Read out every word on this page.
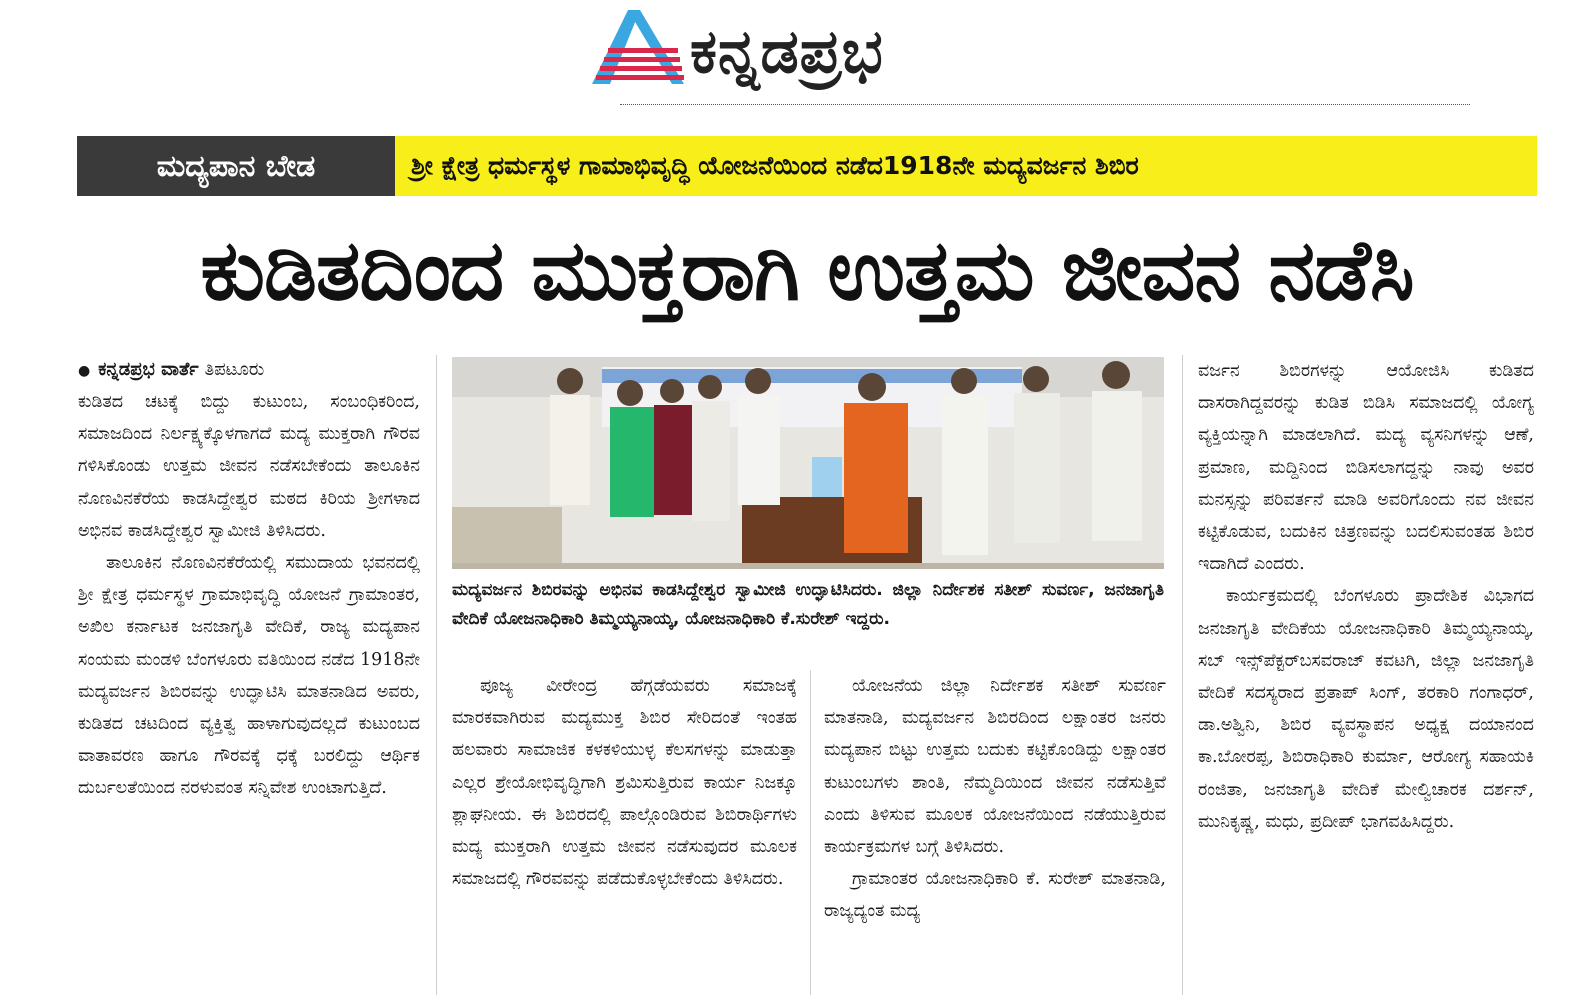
ಕನ್ನಡಪ್ರಭ
ಮದ್ಯಪಾನ ಬೇಡ	ಶ್ರೀ ಕ್ಷೇತ್ರ ಧರ್ಮಸ್ಥಳ ಗಾಮಾಭಿವೃದ್ಧಿ ಯೋಜನೆಯಿಂದ ನಡೆದ1918ನೇ ಮದ್ಯವರ್ಜನ ಶಿಬಿರ
ಕುಡಿತದಿಂದ ಮುಕ್ತರಾಗಿ ಉತ್ತಮ ಜೀವನ ನಡೆಸಿ
● ಕನ್ನಡಪ್ರಭ ವಾರ್ತೆ ತಿಪಟೂರು

ಕುಡಿತದ ಚಟಕ್ಕೆ ಬಿದ್ದು ಕುಟುಂಬ, ಸಂಬಂಧಿಕರಿಂದ, ಸಮಾಜದಿಂದ ನಿರ್ಲಕ್ಷ್ಯಕ್ಕೊಳಗಾಗದೆ ಮದ್ಯ ಮುಕ್ತರಾಗಿ ಗೌರವ ಗಳಿಸಿಕೊಂಡು ಉತ್ತಮ ಜೀವನ ನಡೆಸಬೇಕೆಂದು ತಾಲೂಕಿನ ನೊಣವಿನಕೆರೆಯ ಕಾಡಸಿದ್ದೇಶ್ವರ ಮಠದ ಕಿರಿಯ ಶ್ರೀಗಳಾದ ಅಭಿನವ ಕಾಡಸಿದ್ದೇಶ್ವರ ಸ್ವಾಮೀಜಿ ತಿಳಿಸಿದರು.

ತಾಲೂಕಿನ ನೊಣವಿನಕೆರೆಯಲ್ಲಿ ಸಮುದಾಯ ಭವನದಲ್ಲಿ ಶ್ರೀ ಕ್ಷೇತ್ರ ಧರ್ಮಸ್ಥಳ ಗ್ರಾಮಾಭಿವೃದ್ಧಿ ಯೋಜನೆ ಗ್ರಾಮಾಂತರ, ಅಖಿಲ ಕರ್ನಾಟಕ ಜನಜಾಗೃತಿ ವೇದಿಕೆ, ರಾಜ್ಯ ಮದ್ಯಪಾನ ಸಂಯಮ ಮಂಡಳಿ ಬೆಂಗಳೂರು ವತಿಯಿಂದ ನಡೆದ 1918ನೇ ಮದ್ಯವರ್ಜನ ಶಿಬಿರವನ್ನು ಉದ್ಘಾಟಿಸಿ ಮಾತನಾಡಿದ ಅವರು, ಕುಡಿತದ ಚಟದಿಂದ ವ್ಯಕ್ತಿತ್ವ ಹಾಳಾಗುವುದಲ್ಲದೆ ಕುಟುಂಬದ ವಾತಾವರಣ ಹಾಗೂ ಗೌರವಕ್ಕೆ ಧಕ್ಕೆ ಬರಲಿದ್ದು ಆರ್ಥಿಕ ದುರ್ಬಲತೆಯಿಂದ ನರಳುವಂತ ಸನ್ನಿವೇಶ ಉಂಟಾಗುತ್ತಿದೆ.

ಮದ್ಯವರ್ಜನ ಶಿಬಿರವನ್ನು ಅಭಿನವ ಕಾಡಸಿದ್ದೇಶ್ವರ ಸ್ವಾಮೀಜಿ ಉದ್ಘಾಟಿಸಿದರು. ಜಿಲ್ಲಾ ನಿರ್ದೇಶಕ ಸತೀಶ್ ಸುವರ್ಣ, ಜನಜಾಗೃತಿ ವೇದಿಕೆ ಯೋಜನಾಧಿಕಾರಿ ತಿಮ್ಮಯ್ಯನಾಯ್ಕ, ಯೋಜನಾಧಿಕಾರಿ ಕೆ.ಸುರೇಶ್ ಇದ್ದರು.

ಪೂಜ್ಯ ವೀರೇಂದ್ರ ಹೆಗ್ಗಡೆಯವರು ಸಮಾಜಕ್ಕೆ ಮಾರಕವಾಗಿರುವ ಮದ್ಯಮುಕ್ತ ಶಿಬಿರ ಸೇರಿದಂತೆ ಇಂತಹ ಹಲವಾರು ಸಾಮಾಜಿಕ ಕಳಕಳಿಯುಳ್ಳ ಕೆಲಸಗಳನ್ನು ಮಾಡುತ್ತಾ ಎಲ್ಲರ ಶ್ರೇಯೋಭಿವೃದ್ಧಿಗಾಗಿ ಶ್ರಮಿಸುತ್ತಿರುವ ಕಾರ್ಯ ನಿಜಕ್ಕೂ ಶ್ಲಾಘನೀಯ. ಈ ಶಿಬಿರದಲ್ಲಿ ಪಾಲ್ಗೊಂಡಿರುವ ಶಿಬಿರಾರ್ಥಿಗಳು ಮದ್ಯ ಮುಕ್ತರಾಗಿ ಉತ್ತಮ ಜೀವನ ನಡೆಸುವುದರ ಮೂಲಕ ಸಮಾಜದಲ್ಲಿ ಗೌರವವನ್ನು ಪಡೆದುಕೊಳ್ಳಬೇಕೆಂದು ತಿಳಿಸಿದರು.

ಯೋಜನೆಯ ಜಿಲ್ಲಾ ನಿರ್ದೇಶಕ ಸತೀಶ್ ಸುವರ್ಣ ಮಾತನಾಡಿ, ಮದ್ಯವರ್ಜನ ಶಿಬಿರದಿಂದ ಲಕ್ಷಾಂತರ ಜನರು ಮದ್ಯಪಾನ ಬಿಟ್ಟು ಉತ್ತಮ ಬದುಕು ಕಟ್ಟಿಕೊಂಡಿದ್ದು ಲಕ್ಷಾಂತರ ಕುಟುಂಬಗಳು ಶಾಂತಿ, ನೆಮ್ಮದಿಯಿಂದ ಜೀವನ ನಡೆಸುತ್ತಿವೆ ಎಂದು ತಿಳಿಸುವ ಮೂಲಕ ಯೋಜನೆಯಿಂದ ನಡೆಯುತ್ತಿರುವ ಕಾರ್ಯಕ್ರಮಗಳ ಬಗ್ಗೆ ತಿಳಿಸಿದರು.

ಗ್ರಾಮಾಂತರ ಯೋಜನಾಧಿಕಾರಿ ಕೆ. ಸುರೇಶ್ ಮಾತನಾಡಿ, ರಾಜ್ಯದ್ಯಂತ ಮದ್ಯ

ವರ್ಜನ ಶಿಬಿರಗಳನ್ನು ಆಯೋಜಿಸಿ ಕುಡಿತದ ದಾಸರಾಗಿದ್ದವರನ್ನು ಕುಡಿತ ಬಿಡಿಸಿ ಸಮಾಜದಲ್ಲಿ ಯೋಗ್ಯ ವ್ಯಕ್ತಿಯನ್ನಾಗಿ ಮಾಡಲಾಗಿದೆ. ಮದ್ಯ ವ್ಯಸನಿಗಳನ್ನು ಆಣೆ, ಪ್ರಮಾಣ, ಮದ್ದಿನಿಂದ ಬಿಡಿಸಲಾಗದ್ದನ್ನು ನಾವು ಅವರ ಮನಸ್ಸನ್ನು ಪರಿವರ್ತನೆ ಮಾಡಿ ಅವರಿಗೊಂದು ನವ ಜೀವನ ಕಟ್ಟಿಕೊಡುವ, ಬದುಕಿನ ಚಿತ್ರಣವನ್ನು ಬದಲಿಸುವಂತಹ ಶಿಬಿರ ಇದಾಗಿದೆ ಎಂದರು.

ಕಾರ್ಯಕ್ರಮದಲ್ಲಿ ಬೆಂಗಳೂರು ಪ್ರಾದೇಶಿಕ ವಿಭಾಗದ ಜನಜಾಗೃತಿ ವೇದಿಕೆಯ ಯೋಜನಾಧಿಕಾರಿ ತಿಮ್ಮಯ್ಯನಾಯ್ಕ, ಸಬ್ ಇನ್ಸ್‌ಪೆಕ್ಟರ್‌ಬಸವರಾಜ್ ಕವಟಗಿ, ಜಿಲ್ಲಾ ಜನಜಾಗೃತಿ ವೇದಿಕೆ ಸದಸ್ಯರಾದ ಪ್ರತಾಪ್ ಸಿಂಗ್, ತರಕಾರಿ ಗಂಗಾಧರ್, ಡಾ.ಅಶ್ವಿನಿ, ಶಿಬಿರ ವ್ಯವಸ್ಥಾಪನ ಅಧ್ಯಕ್ಷ ದಯಾನಂದ ಕಾ.ಬೋರಪ್ಪ, ಶಿಬಿರಾಧಿಕಾರಿ ಕುರ್ಮಾ, ಆರೋಗ್ಯ ಸಹಾಯಕಿ ರಂಜಿತಾ, ಜನಜಾಗೃತಿ ವೇದಿಕೆ ಮೇಲ್ವಿಚಾರಕ ದರ್ಶನ್, ಮುನಿಕೃಷ್ಣ, ಮಧು, ಪ್ರದೀಪ್ ಭಾಗವಹಿಸಿದ್ದರು.
